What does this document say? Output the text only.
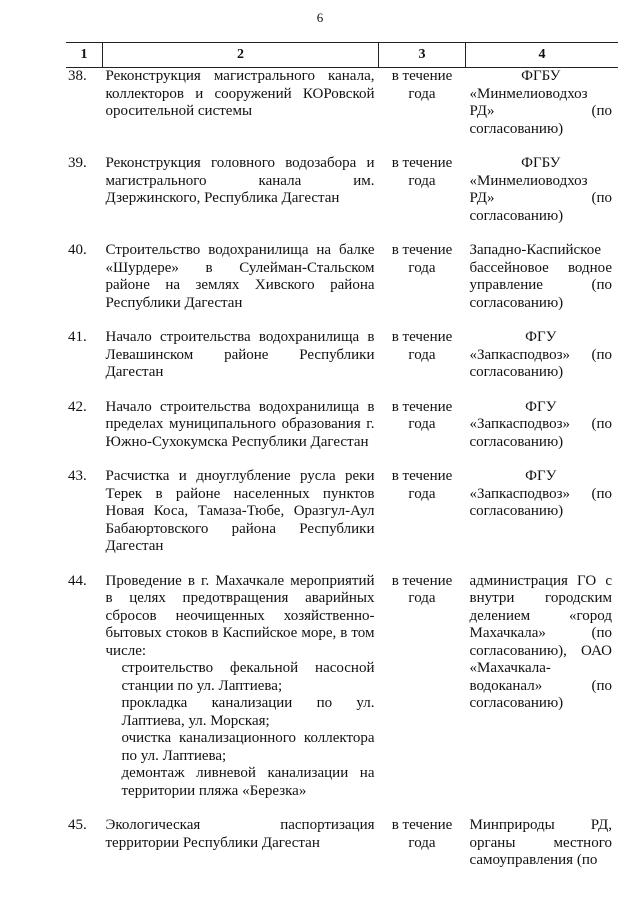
6
1	2	3	4
38.	Реконструкция магистрального канала, коллекторов и сооружений КОРовской оросительной системы	в течение года	ФГБУ
«Минмелиоводхоз РД» (по согласованию)
39.	Реконструкция головного водозабора и магистрального канала им. Дзержинского, Республика Дагестан	в течение года	ФГБУ
«Минмелиоводхоз РД» (по согласованию)
40.	Строительство водохранилища на балке «Шурдере» в Сулейман-Стальском районе на землях Хивского района Республики Дагестан	в течение года	Западно-Каспийское бассейновое водное управление (по согласованию)
41.	Начало строительства водохранилища в Левашинском районе Республики Дагестан	в течение года	ФГУ
«Запкасподвоз» (по согласованию)
42.	Начало строительства водохранилища в пределах муниципального образования г. Южно-Сухокумска Республики Дагестан	в течение года	ФГУ
«Запкасподвоз» (по согласованию)
43.	Расчистка и дноуглубление русла реки Терек в районе населенных пунктов Новая Коса, Тамаза-Тюбе, Оразгул-Аул Бабаюртовского района Республики Дагестан	в течение года	ФГУ
«Запкасподвоз» (по согласованию)
44.	Проведение в г. Махачкале мероприятий в целях предотвращения аварийных сбросов неочищенных хозяйственно-бытовых стоков в Каспийское море, в том числе:
строительство фекальной насосной станции по ул. Лаптиева;
прокладка канализации по ул. Лаптиева, ул. Морская;
очистка канализационного коллектора по ул. Лаптиева;
демонтаж ливневой канализации на территории пляжа «Березка»	в течение года	администрация ГО с внутри городским делением «город Махачкала» (по согласованию), ОАО «Махачкала-водоканал» (по согласованию)
45.	Экологическая паспортизация территории Республики Дагестан	в течение года	Минприроды РД, органы местного самоуправления (по
